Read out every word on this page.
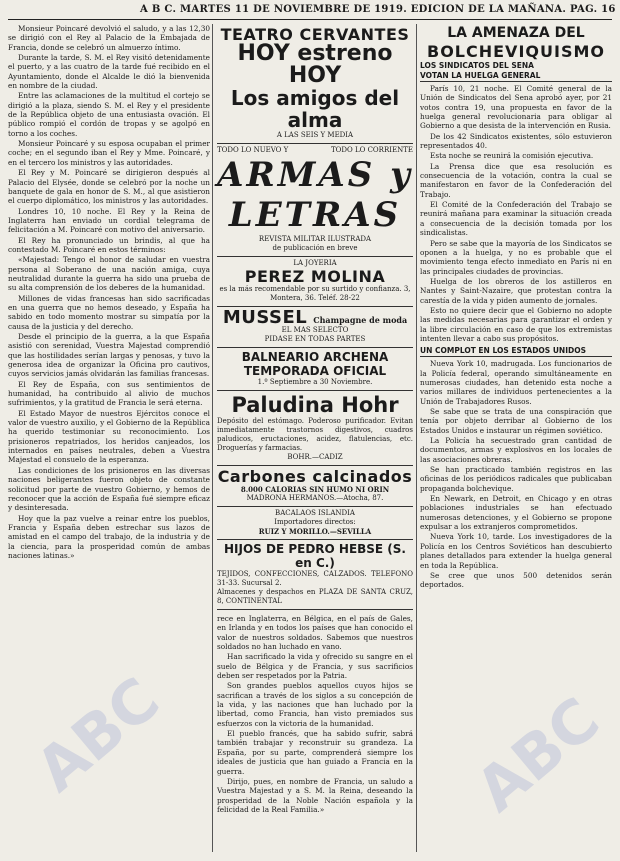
A B C. MARTES 11 DE NOVIEMBRE DE 1919. EDICION DE LA MAÑANA. PAG. 16

Monsieur Poincaré devolvió el saludo, y a las 12,30 se dirigió con el Rey al Palacio de la Embajada de Francia, donde se celebró un almuerzo íntimo.

Durante la tarde, S. M. el Rey visitó detenidamente el puerto, y a las cuatro de la tarde fué recibido en el Ayuntamiento, donde el Alcalde le dió la bienvenida en nombre de la ciudad.

Entre las aclamaciones de la multitud el cortejo se dirigió a la plaza, siendo S. M. el Rey y el presidente de la República objeto de una entusiasta ovación. El público rompió el cordón de tropas y se agolpó en torno a los coches.

Monsieur Poincaré y su esposa ocupaban el primer coche; en el segundo iban el Rey y Mme. Poincaré, y en el tercero los ministros y las autoridades.

El Rey y M. Poincaré se dirigieron después al Palacio del Elysée, donde se celebró por la noche un banquete de gala en honor de S. M., al que asistieron el cuerpo diplomático, los ministros y las autoridades.

Londres 10, 10 noche. El Rey y la Reina de Inglaterra han enviado un cordial telegrama de felicitación a M. Poincaré con motivo del aniversario.

El Rey ha pronunciado un brindis, al que ha contestado M. Poincaré en estos términos:

«Majestad: Tengo el honor de saludar en vuestra persona al Soberano de una nación amiga, cuya neutralidad durante la guerra ha sido una prueba de su alta comprensión de los deberes de la humanidad.

Millones de vidas francesas han sido sacrificadas en una guerra que no hemos deseado, y España ha sabido en todo momento mostrar su simpatía por la causa de la justicia y del derecho.

Desde el principio de la guerra, a la que España asistió con serenidad, Vuestra Majestad comprendió que las hostilidades serían largas y penosas, y tuvo la generosa idea de organizar la Oficina pro cautivos, cuyos servicios jamás olvidarán las familias francesas.

El Rey de España, con sus sentimientos de humanidad, ha contribuido al alivio de muchos sufrimientos, y la gratitud de Francia le será eterna.

El Estado Mayor de nuestros Ejércitos conoce el valor de vuestro auxilio, y el Gobierno de la República ha querido testimoniar su reconocimiento. Los prisioneros repatriados, los heridos canjeados, los internados en países neutrales, deben a Vuestra Majestad el consuelo de la esperanza.

Las condiciones de los prisioneros en las diversas naciones beligerantes fueron objeto de constante solicitud por parte de vuestro Gobierno, y hemos de reconocer que la acción de España fué siempre eficaz y desinteresada.

Hoy que la paz vuelve a reinar entre los pueblos, Francia y España deben estrechar sus lazos de amistad en el campo del trabajo, de la industria y de la ciencia, para la prosperidad común de ambas naciones latinas.»

TEATRO CERVANTES
HOY estreno HOY
Los amigos del alma
A LAS SEIS Y MEDIA
TODO LO NUEVO Y	TODO LO CORRIENTE
ARMAS y LETRAS
REVISTA MILITAR ILUSTRADA
de publicación en breve
LA JOYERIA
PEREZ MOLINA
es la más recomendable por su surtido y confianza. 3, Montera, 36. Teléf. 28-22
MUSSEL Champagne de moda
EL MAS SELECTO
PIDASE EN TODAS PARTES
BALNEARIO ARCHENA
TEMPORADA OFICIAL
1.º Septiembre a 30 Noviembre.
Paludina Hohr
Depósito del estómago. Poderoso purificador. Evitan inmediatamente trastornos digestivos, cuadros paludicos, eructaciones, acidez, flatulencias, etc. Droguerías y farmacias.
BOHR.—CADIZ
Carbones calcinados
8.000 CALORIAS SIN HUMO NI ORIN
MADRONA HERMANOS.—Atocha, 87.
BACALAOS ISLANDIA
Importadores directos:
RUIZ Y MORILLO.—SEVILLA
HIJOS DE PEDRO HEBSE (S. en C.)
TEJIDOS, CONFECCIONES, CALZADOS. TELEFONO 31-33. Sucursal 2.
Almacenes y despachos en PLAZA DE SANTA CRUZ, 8, CONTINENTAL

rece en Inglaterra, en Bélgica, en el país de Gales, en Irlanda y en todos los países que han conocido el valor de nuestros soldados. Sabemos que nuestros soldados no han luchado en vano.

Han sacrificado la vida y ofrecido su sangre en el suelo de Bélgica y de Francia, y sus sacrificios deben ser respetados por la Patria.

Son grandes pueblos aquellos cuyos hijos se sacrifican a través de los siglos a su concepción de la vida, y las naciones que han luchado por la libertad, como Francia, han visto premiados sus esfuerzos con la victoria de la humanidad.

El pueblo francés, que ha sabido sufrir, sabrá también trabajar y reconstruir su grandeza. La España, por su parte, comprenderá siempre los ideales de justicia que han guiado a Francia en la guerra.

Dirijo, pues, en nombre de Francia, un saludo a Vuestra Majestad y a S. M. la Reina, deseando la prosperidad de la Noble Nación española y la felicidad de la Real Familia.»

LA AMENAZA DEL
BOLCHEVIQUISMO
LOS SINDICATOS DEL SENA
VOTAN LA HUELGA GENERAL

París 10, 21 noche. El Comité general de la Unión de Sindicatos del Sena aprobó ayer, por 21 votos contra 19, una propuesta en favor de la huelga general revolucionaria para obligar al Gobierno a que desista de la intervención en Rusia.

De los 42 Sindicatos existentes, sólo estuvieron representados 40.

Esta noche se reunirá la comisión ejecutiva.

La Prensa dice que esa resolución es consecuencia de la votación, contra la cual se manifestaron en favor de la Confederación del Trabajo.

El Comité de la Confederación del Trabajo se reunirá mañana para examinar la situación creada a consecuencia de la decisión tomada por los sindicalistas.

Pero se sabe que la mayoría de los Sindicatos se oponen a la huelga, y no es probable que el movimiento tenga efecto inmediato en París ni en las principales ciudades de provincias.

Huelga de los obreros de los astilleros en Nantes y Saint-Nazaire, que protestan contra la carestía de la vida y piden aumento de jornales.

Esto no quiere decir que el Gobierno no adopte las medidas necesarias para garantizar el orden y la libre circulación en caso de que los extremistas intenten llevar a cabo sus propósitos.

UN COMPLOT EN LOS ESTADOS UNIDOS

Nueva York 10, madrugada. Los funcionarios de la Policía federal, operando simultáneamente en numerosas ciudades, han detenido esta noche a varios millares de individuos pertenecientes a la Unión de Trabajadores Rusos.

Se sabe que se trata de una conspiración que tenía por objeto derribar al Gobierno de los Estados Unidos e instaurar un régimen soviético.

La Policía ha secuestrado gran cantidad de documentos, armas y explosivos en los locales de las asociaciones obreras.

Se han practicado también registros en las oficinas de los periódicos radicales que publicaban propaganda bolchevique.

En Newark, en Detroit, en Chicago y en otras poblaciones industriales se han efectuado numerosas detenciones, y el Gobierno se propone expulsar a los extranjeros comprometidos.

Nueva York 10, tarde. Los investigadores de la Policía en los Centros Soviéticos han descubierto planes detallados para extender la huelga general en toda la República.

Se cree que unos 500 detenidos serán deportados.

ABC	ABC
